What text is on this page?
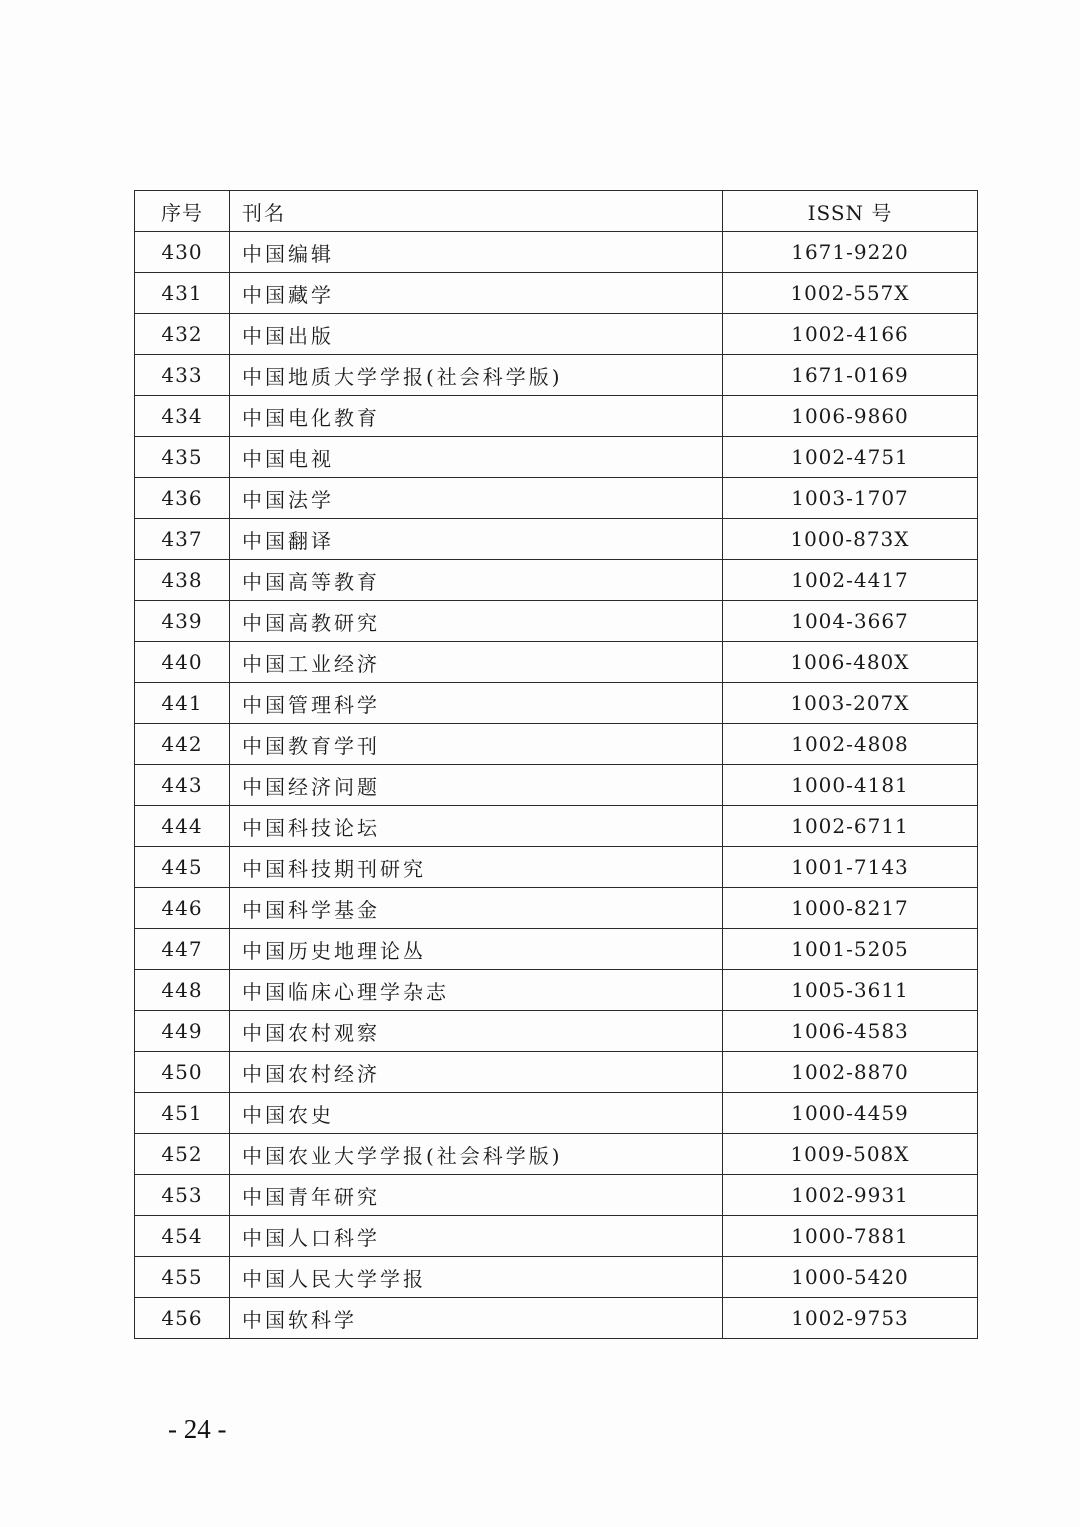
序号	刊名	ISSN 号
430	中国编辑	1671-9220
431	中国藏学	1002-557X
432	中国出版	1002-4166
433	中国地质大学学报(社会科学版)	1671-0169
434	中国电化教育	1006-9860
435	中国电视	1002-4751
436	中国法学	1003-1707
437	中国翻译	1000-873X
438	中国高等教育	1002-4417
439	中国高教研究	1004-3667
440	中国工业经济	1006-480X
441	中国管理科学	1003-207X
442	中国教育学刊	1002-4808
443	中国经济问题	1000-4181
444	中国科技论坛	1002-6711
445	中国科技期刊研究	1001-7143
446	中国科学基金	1000-8217
447	中国历史地理论丛	1001-5205
448	中国临床心理学杂志	1005-3611
449	中国农村观察	1006-4583
450	中国农村经济	1002-8870
451	中国农史	1000-4459
452	中国农业大学学报(社会科学版)	1009-508X
453	中国青年研究	1002-9931
454	中国人口科学	1000-7881
455	中国人民大学学报	1000-5420
456	中国软科学	1002-9753
- 24 -
